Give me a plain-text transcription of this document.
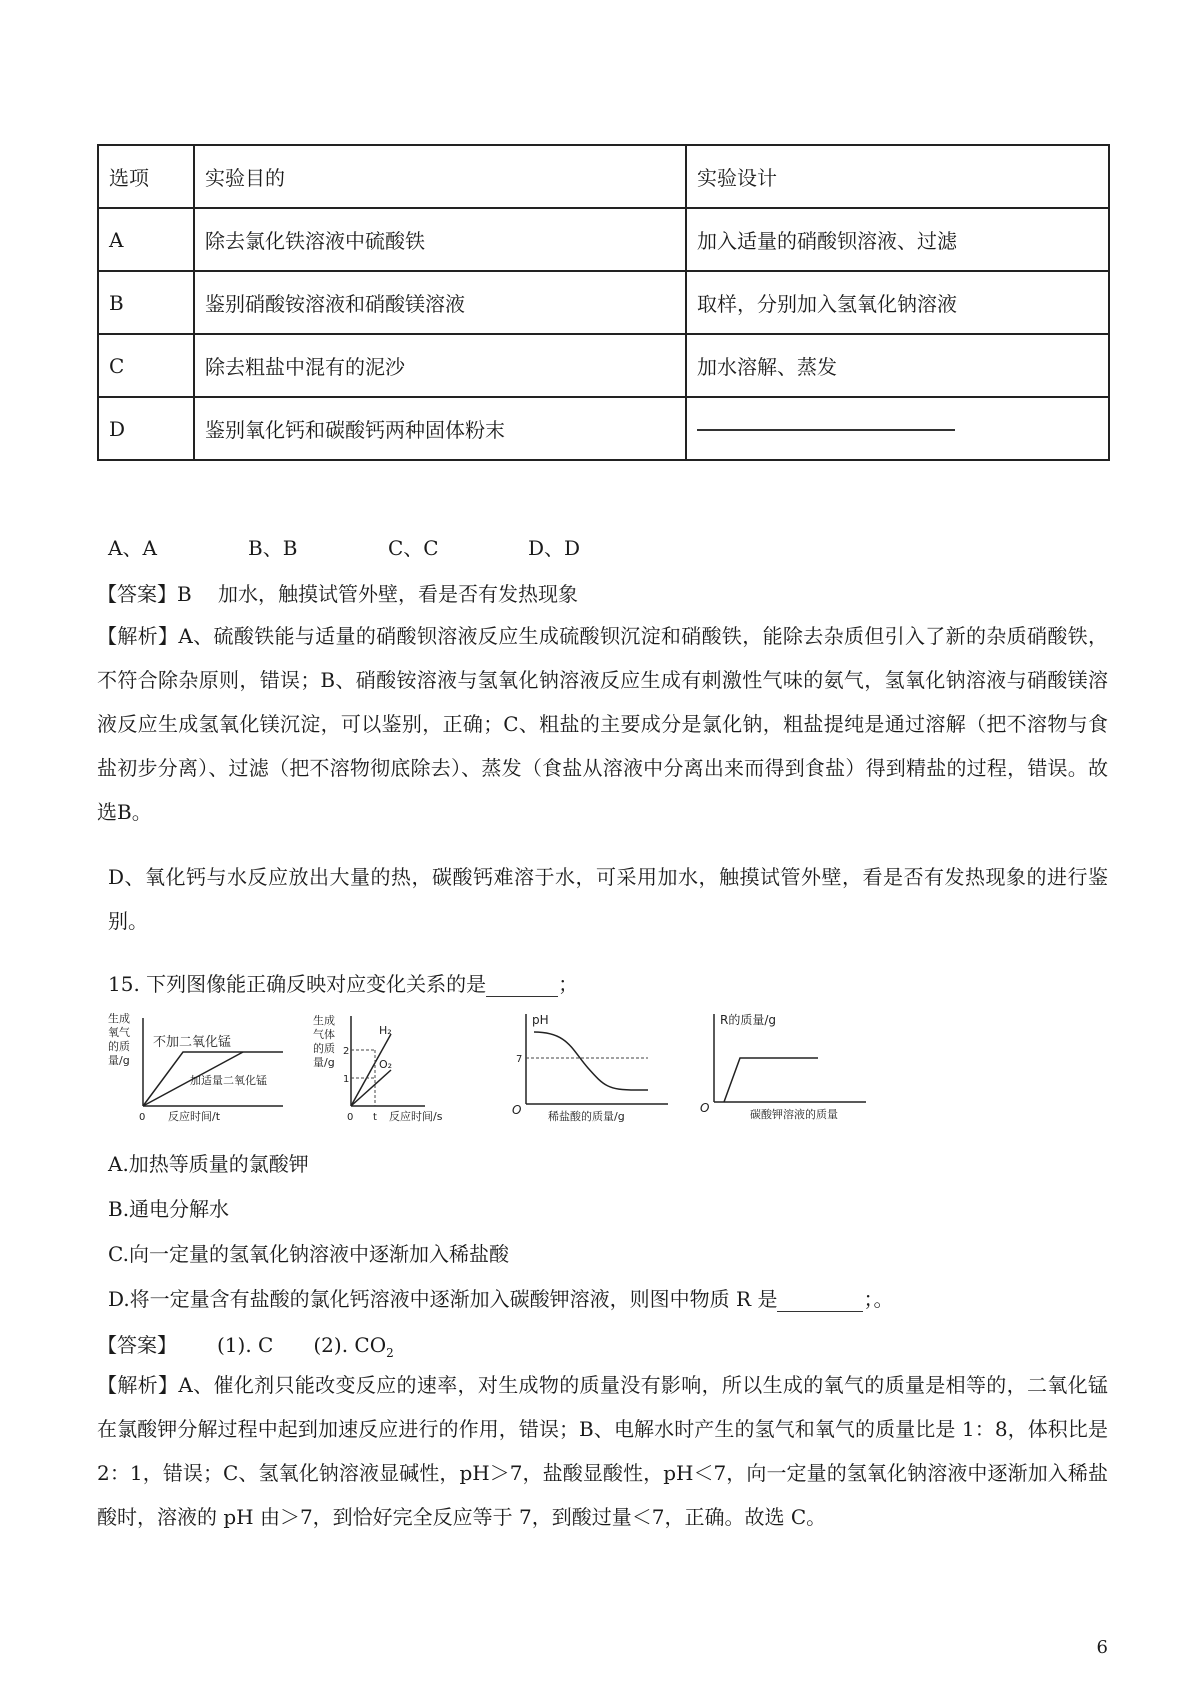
选项	实验目的	实验设计
A	除去氯化铁溶液中硫酸铁	加入适量的硝酸钡溶液、过滤
B	鉴别硝酸铵溶液和硝酸镁溶液	取样，分别加入氢氧化钠溶液
C	除去粗盐中混有的泥沙	加水溶解、蒸发
D	鉴别氧化钙和碳酸钙两种固体粉末	
A、A	B、B	C、C	D、D
【答案】B　 加水，触摸试管外壁，看是否有发热现象
【解析】A、硫酸铁能与适量的硝酸钡溶液反应生成硫酸钡沉淀和硝酸铁，能除去杂质但引入了新的杂质硝酸铁，不符合除杂原则，错误；B、硝酸铵溶液与氢氧化钠溶液反应生成有刺激性气味的氨气，氢氧化钠溶液与硝酸镁溶液反应生成氢氧化镁沉淀，可以鉴别，正确；C、粗盐的主要成分是氯化钠，粗盐提纯是通过溶解（把不溶物与食盐初步分离）、过滤（把不溶物彻底除去）、蒸发（食盐从溶液中分离出来而得到食盐）得到精盐的过程，错误。故选B。
D、氧化钙与水反应放出大量的热，碳酸钙难溶于水，可采用加水，触摸试管外壁，看是否有发热现象的进行鉴别。
15. 下列图像能正确反映对应变化关系的是	；
生成
氧气
的质
量/g
不加二氧化锰
加适量二氧化锰
0 反应时间/t
生成
气体
的质
量/g
H₂
O₂
2
1
0 t 反应时间/s
pH
7
O 稀盐酸的质量/g
R的质量/g
O	碳酸钾溶液的质量
A.加热等质量的氯酸钾
B.通电分解水
C.向一定量的氢氧化钠溶液中逐渐加入稀盐酸
D.将一定量含有盐酸的氯化钙溶液中逐渐加入碳酸钾溶液，则图中物质 R 是	；。
【答案】 (1). C (2). $CO_2$
【解析】A、催化剂只能改变反应的速率，对生成物的质量没有影响，所以生成的氧气的质量是相等的，二氧化锰在氯酸钾分解过程中起到加速反应进行的作用，错误；B、电解水时产生的氢气和氧气的质量比是 1：8，体积比是 2：1，错误；C、氢氧化钠溶液显碱性，pH＞7，盐酸显酸性，pH＜7，向一定量的氢氧化钠溶液中逐渐加入稀盐酸时，溶液的 pH 由＞7，到恰好完全反应等于 7，到酸过量＜7，正确。故选 C。
6
